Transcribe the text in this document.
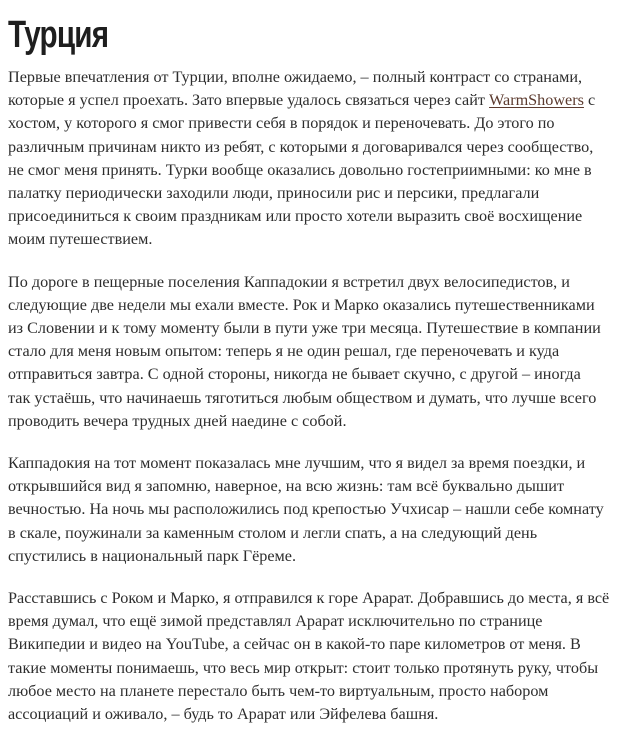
Турция

Первые впечатления от Турции, вполне ожидаемо, – полный контраст со странами,
которые я успел проехать. Зато впервые удалось связаться через сайт WarmShowers с
хостом, у которого я смог привести себя в порядок и переночевать. До этого по
различным причинам никто из ребят, с которыми я договаривался через сообщество,
не смог меня принять. Турки вообще оказались довольно гостеприимными: ко мне в
палатку периодически заходили люди, приносили рис и персики, предлагали
присоединиться к своим праздникам или просто хотели выразить своё восхищение
моим путешествием.

По дороге в пещерные поселения Каппадокии я встретил двух велосипедистов, и
следующие две недели мы ехали вместе. Рок и Марко оказались путешественниками
из Словении и к тому моменту были в пути уже три месяца. Путешествие в компании
стало для меня новым опытом: теперь я не один решал, где переночевать и куда
отправиться завтра. С одной стороны, никогда не бывает скучно, с другой – иногда
так устаёшь, что начинаешь тяготиться любым обществом и думать, что лучше всего
проводить вечера трудных дней наедине с собой.

Каппадокия на тот момент показалась мне лучшим, что я видел за время поездки, и
открывшийся вид я запомню, наверное, на всю жизнь: там всё буквально дышит
вечностью. На ночь мы расположились под крепостью Учхисар – нашли себе комнату
в скале, поужинали за каменным столом и легли спать, а на следующий день
спустились в национальный парк Гёреме.

Расставшись с Роком и Марко, я отправился к горе Арарат. Добравшись до места, я всё
время думал, что ещё зимой представлял Арарат исключительно по странице
Википедии и видео на YouTube, а сейчас он в какой-то паре километров от меня. В
такие моменты понимаешь, что весь мир открыт: стоит только протянуть руку, чтобы
любое место на планете перестало быть чем-то виртуальным, просто набором
ассоциаций и оживало, – будь то Арарат или Эйфелева башня.
